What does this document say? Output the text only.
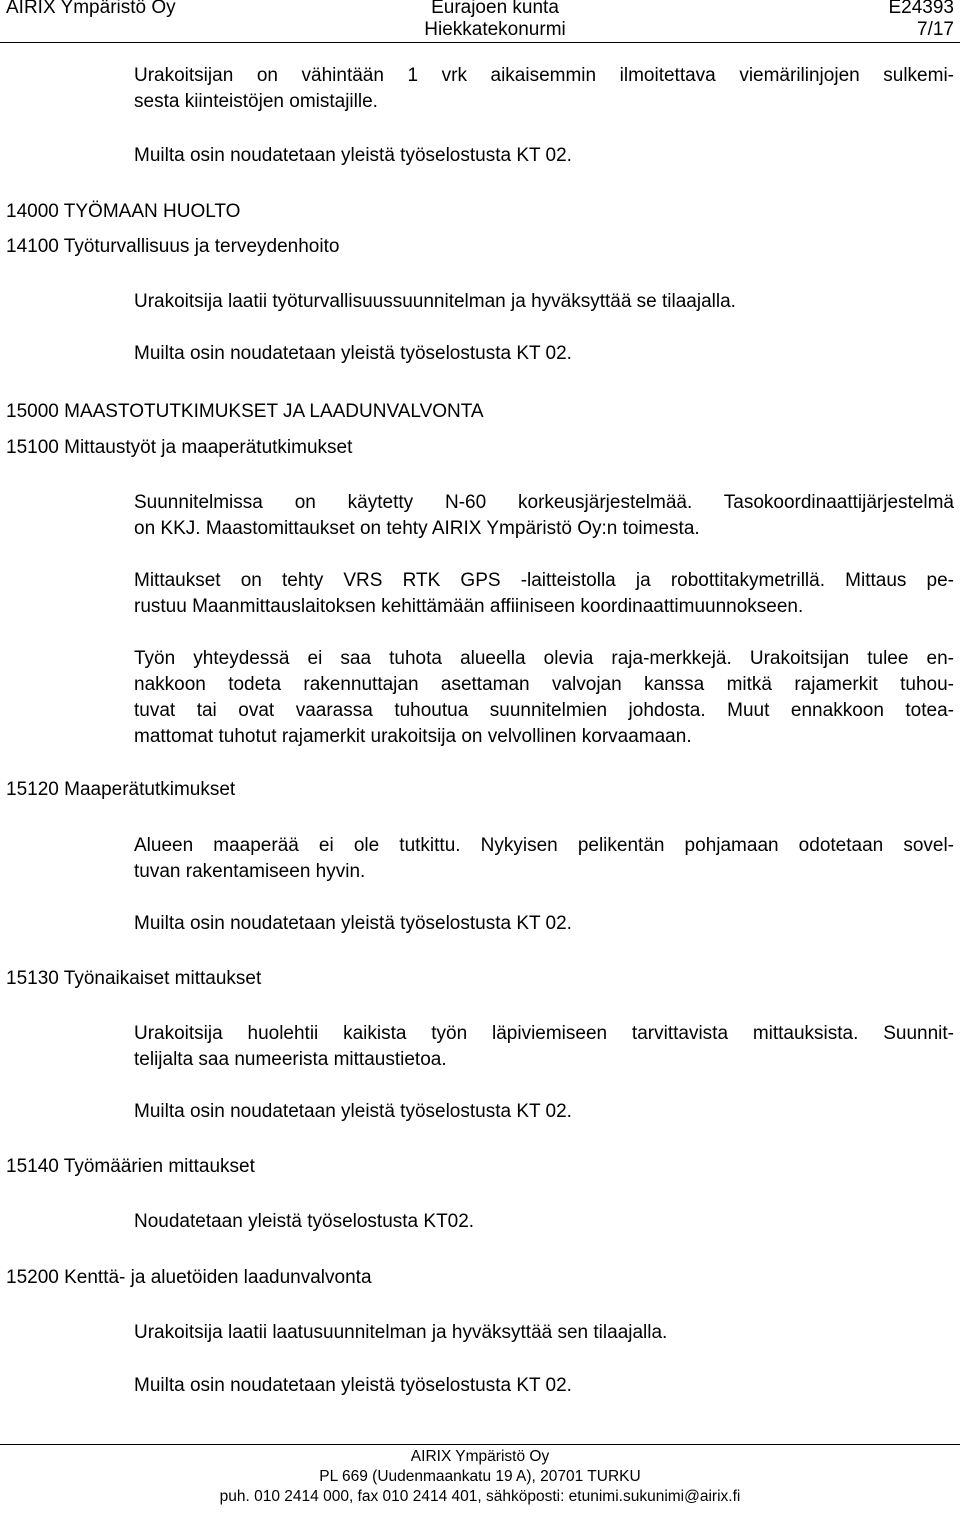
AIRIX Ympäristö Oy	Eurajoen kunta
Hiekkatekonurmi
E24393
7/17
Urakoitsijan on vähintään 1 vrk aikaisemmin ilmoitettava viemärilinjojen sulkemi-
sesta kiinteistöjen omistajille.
Muilta osin noudatetaan yleistä työselostusta KT 02.
14000 TYÖMAAN HUOLTO
14100 Työturvallisuus ja terveydenhoito
Urakoitsija laatii työturvallisuussuunnitelman ja hyväksyttää se tilaajalla.
Muilta osin noudatetaan yleistä työselostusta KT 02.
15000 MAASTOTUTKIMUKSET JA LAADUNVALVONTA
15100 Mittaustyöt ja maaperätutkimukset
Suunnitelmissa on käytetty N-60 korkeusjärjestelmää. Tasokoordinaattijärjestelmä
on KKJ. Maastomittaukset on tehty AIRIX Ympäristö Oy:n toimesta.
Mittaukset on tehty VRS RTK GPS -laitteistolla ja robottitakymetrillä. Mittaus pe-
rustuu Maanmittauslaitoksen kehittämään affiiniseen koordinaattimuunnokseen.
Työn yhteydessä ei saa tuhota alueella olevia raja-merkkejä. Urakoitsijan tulee en-
nakkoon todeta rakennuttajan asettaman valvojan kanssa mitkä rajamerkit tuhou-
tuvat tai ovat vaarassa tuhoutua suunnitelmien johdosta. Muut ennakkoon totea-
mattomat tuhotut rajamerkit urakoitsija on velvollinen korvaamaan.
15120 Maaperätutkimukset
Alueen maaperää ei ole tutkittu. Nykyisen pelikentän pohjamaan odotetaan sovel-
tuvan rakentamiseen hyvin.
Muilta osin noudatetaan yleistä työselostusta KT 02.
15130 Työnaikaiset mittaukset
Urakoitsija huolehtii kaikista työn läpiviemiseen tarvittavista mittauksista. Suunnit-
telijalta saa numeerista mittaustietoa.
Muilta osin noudatetaan yleistä työselostusta KT 02.
15140 Työmäärien mittaukset
Noudatetaan yleistä työselostusta KT02.
15200 Kenttä- ja aluetöiden laadunvalvonta
Urakoitsija laatii laatusuunnitelman ja hyväksyttää sen tilaajalla.
Muilta osin noudatetaan yleistä työselostusta KT 02.
AIRIX Ympäristö Oy
PL 669 (Uudenmaankatu 19 A), 20701 TURKU
puh. 010 2414 000, fax 010 2414 401, sähköposti: etunimi.sukunimi@airix.fi
